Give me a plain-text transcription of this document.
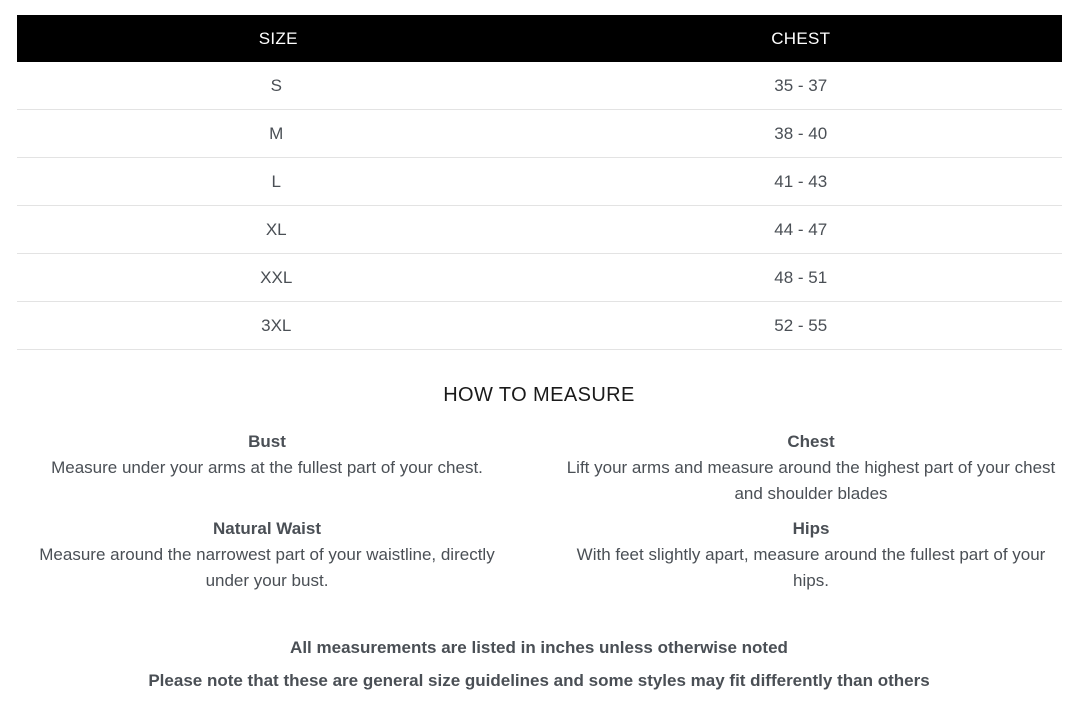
SIZE	CHEST
S	35 - 37
M	38 - 40
L	41 - 43
XL	44 - 47
XXL	48 - 51
3XL	52 - 55
HOW TO MEASURE
Bust
Measure under your arms at the fullest part of your chest.
Chest
Lift your arms and measure around the highest part of your chest and shoulder blades
Natural Waist
Measure around the narrowest part of your waistline, directly under your bust.
Hips
With feet slightly apart, measure around the fullest part of your hips.

All measurements are listed in inches unless otherwise noted

Please note that these are general size guidelines and some styles may fit differently than others
